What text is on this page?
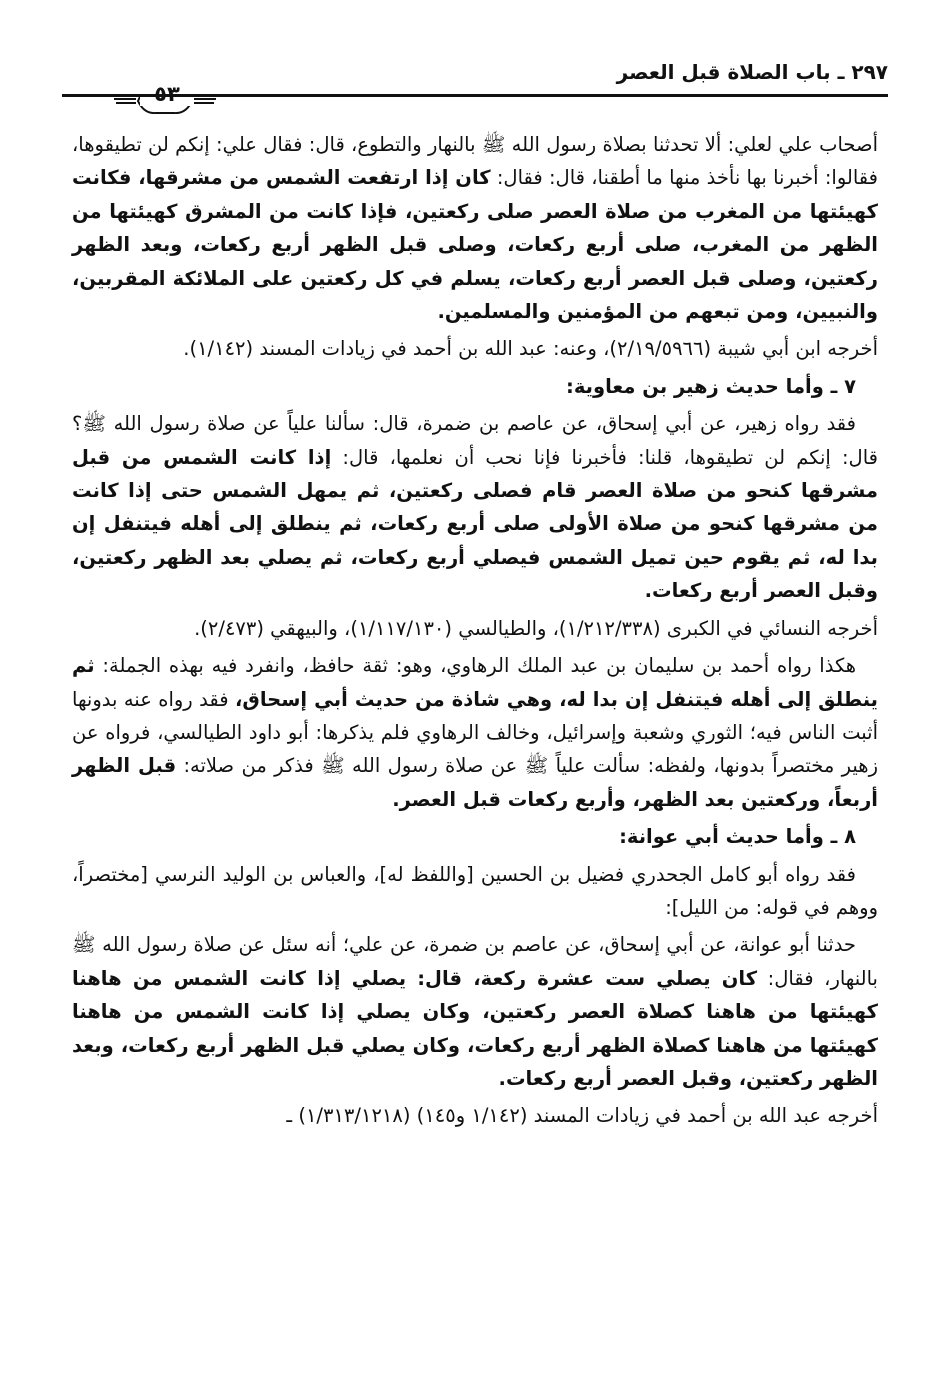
٥٣
٢٩٧ ـ باب الصلاة قبل العصر

أصحاب علي لعلي: ألا تحدثنا بصلاة رسول الله ﷺ بالنهار والتطوع، قال: فقال علي: إنكم لن تطيقوها، فقالوا: أخبرنا بها نأخذ منها ما أطقنا، قال: فقال: كان إذا ارتفعت الشمس من مشرقها، فكانت كهيئتها من المغرب من صلاة العصر صلى ركعتين، فإذا كانت من المشرق كهيئتها من الظهر من المغرب، صلى أربع ركعات، وصلى قبل الظهر أربع ركعات، وبعد الظهر ركعتين، وصلى قبل العصر أربع ركعات، يسلم في كل ركعتين على الملائكة المقربين، والنبيين، ومن تبعهم من المؤمنين والمسلمين.

أخرجه ابن أبي شيبة (٢/١٩/٥٩٦٦)، وعنه: عبد الله بن أحمد في زيادات المسند (١/١٤٢).

٧ ـ وأما حديث زهير بن معاوية:

فقد رواه زهير، عن أبي إسحاق، عن عاصم بن ضمرة، قال: سألنا علياً عن صلاة رسول الله ﷺ؟ قال: إنكم لن تطيقوها، قلنا: فأخبرنا فإنا نحب أن نعلمها، قال: إذا كانت الشمس من قبل مشرقها كنحو من صلاة العصر قام فصلى ركعتين، ثم يمهل الشمس حتى إذا كانت من مشرقها كنحو من صلاة الأولى صلى أربع ركعات، ثم ينطلق إلى أهله فيتنفل إن بدا له، ثم يقوم حين تميل الشمس فيصلي أربع ركعات، ثم يصلي بعد الظهر ركعتين، وقبل العصر أربع ركعات.

أخرجه النسائي في الكبرى (١/٢١٢/٣٣٨)، والطيالسي (١/١١٧/١٣٠)، والبيهقي (٢/٤٧٣).

هكذا رواه أحمد بن سليمان بن عبد الملك الرهاوي، وهو: ثقة حافظ، وانفرد فيه بهذه الجملة: ثم ينطلق إلى أهله فيتنفل إن بدا له، وهي شاذة من حديث أبي إسحاق، فقد رواه عنه بدونها أثبت الناس فيه؛ الثوري وشعبة وإسرائيل، وخالف الرهاوي فلم يذكرها: أبو داود الطيالسي، فرواه عن زهير مختصراً بدونها، ولفظه: سألت علياً ﷺ عن صلاة رسول الله ﷺ فذكر من صلاته: قبل الظهر أربعاً، وركعتين بعد الظهر، وأربع ركعات قبل العصر.

٨ ـ وأما حديث أبي عوانة:

فقد رواه أبو كامل الجحدري فضيل بن الحسين [واللفظ له]، والعباس بن الوليد النرسي [مختصراً، ووهم في قوله: من الليل]:

حدثنا أبو عوانة، عن أبي إسحاق، عن عاصم بن ضمرة، عن علي؛ أنه سئل عن صلاة رسول الله ﷺ بالنهار، فقال: كان يصلي ست عشرة ركعة، قال: يصلي إذا كانت الشمس من هاهنا كهيئتها من هاهنا كصلاة العصر ركعتين، وكان يصلي إذا كانت الشمس من هاهنا كهيئتها من هاهنا كصلاة الظهر أربع ركعات، وكان يصلي قبل الظهر أربع ركعات، وبعد الظهر ركعتين، وقبل العصر أربع ركعات.

أخرجه عبد الله بن أحمد في زيادات المسند (١/١٤٢ و١٤٥) (١/٣١٣/١٢١٨) ـ
